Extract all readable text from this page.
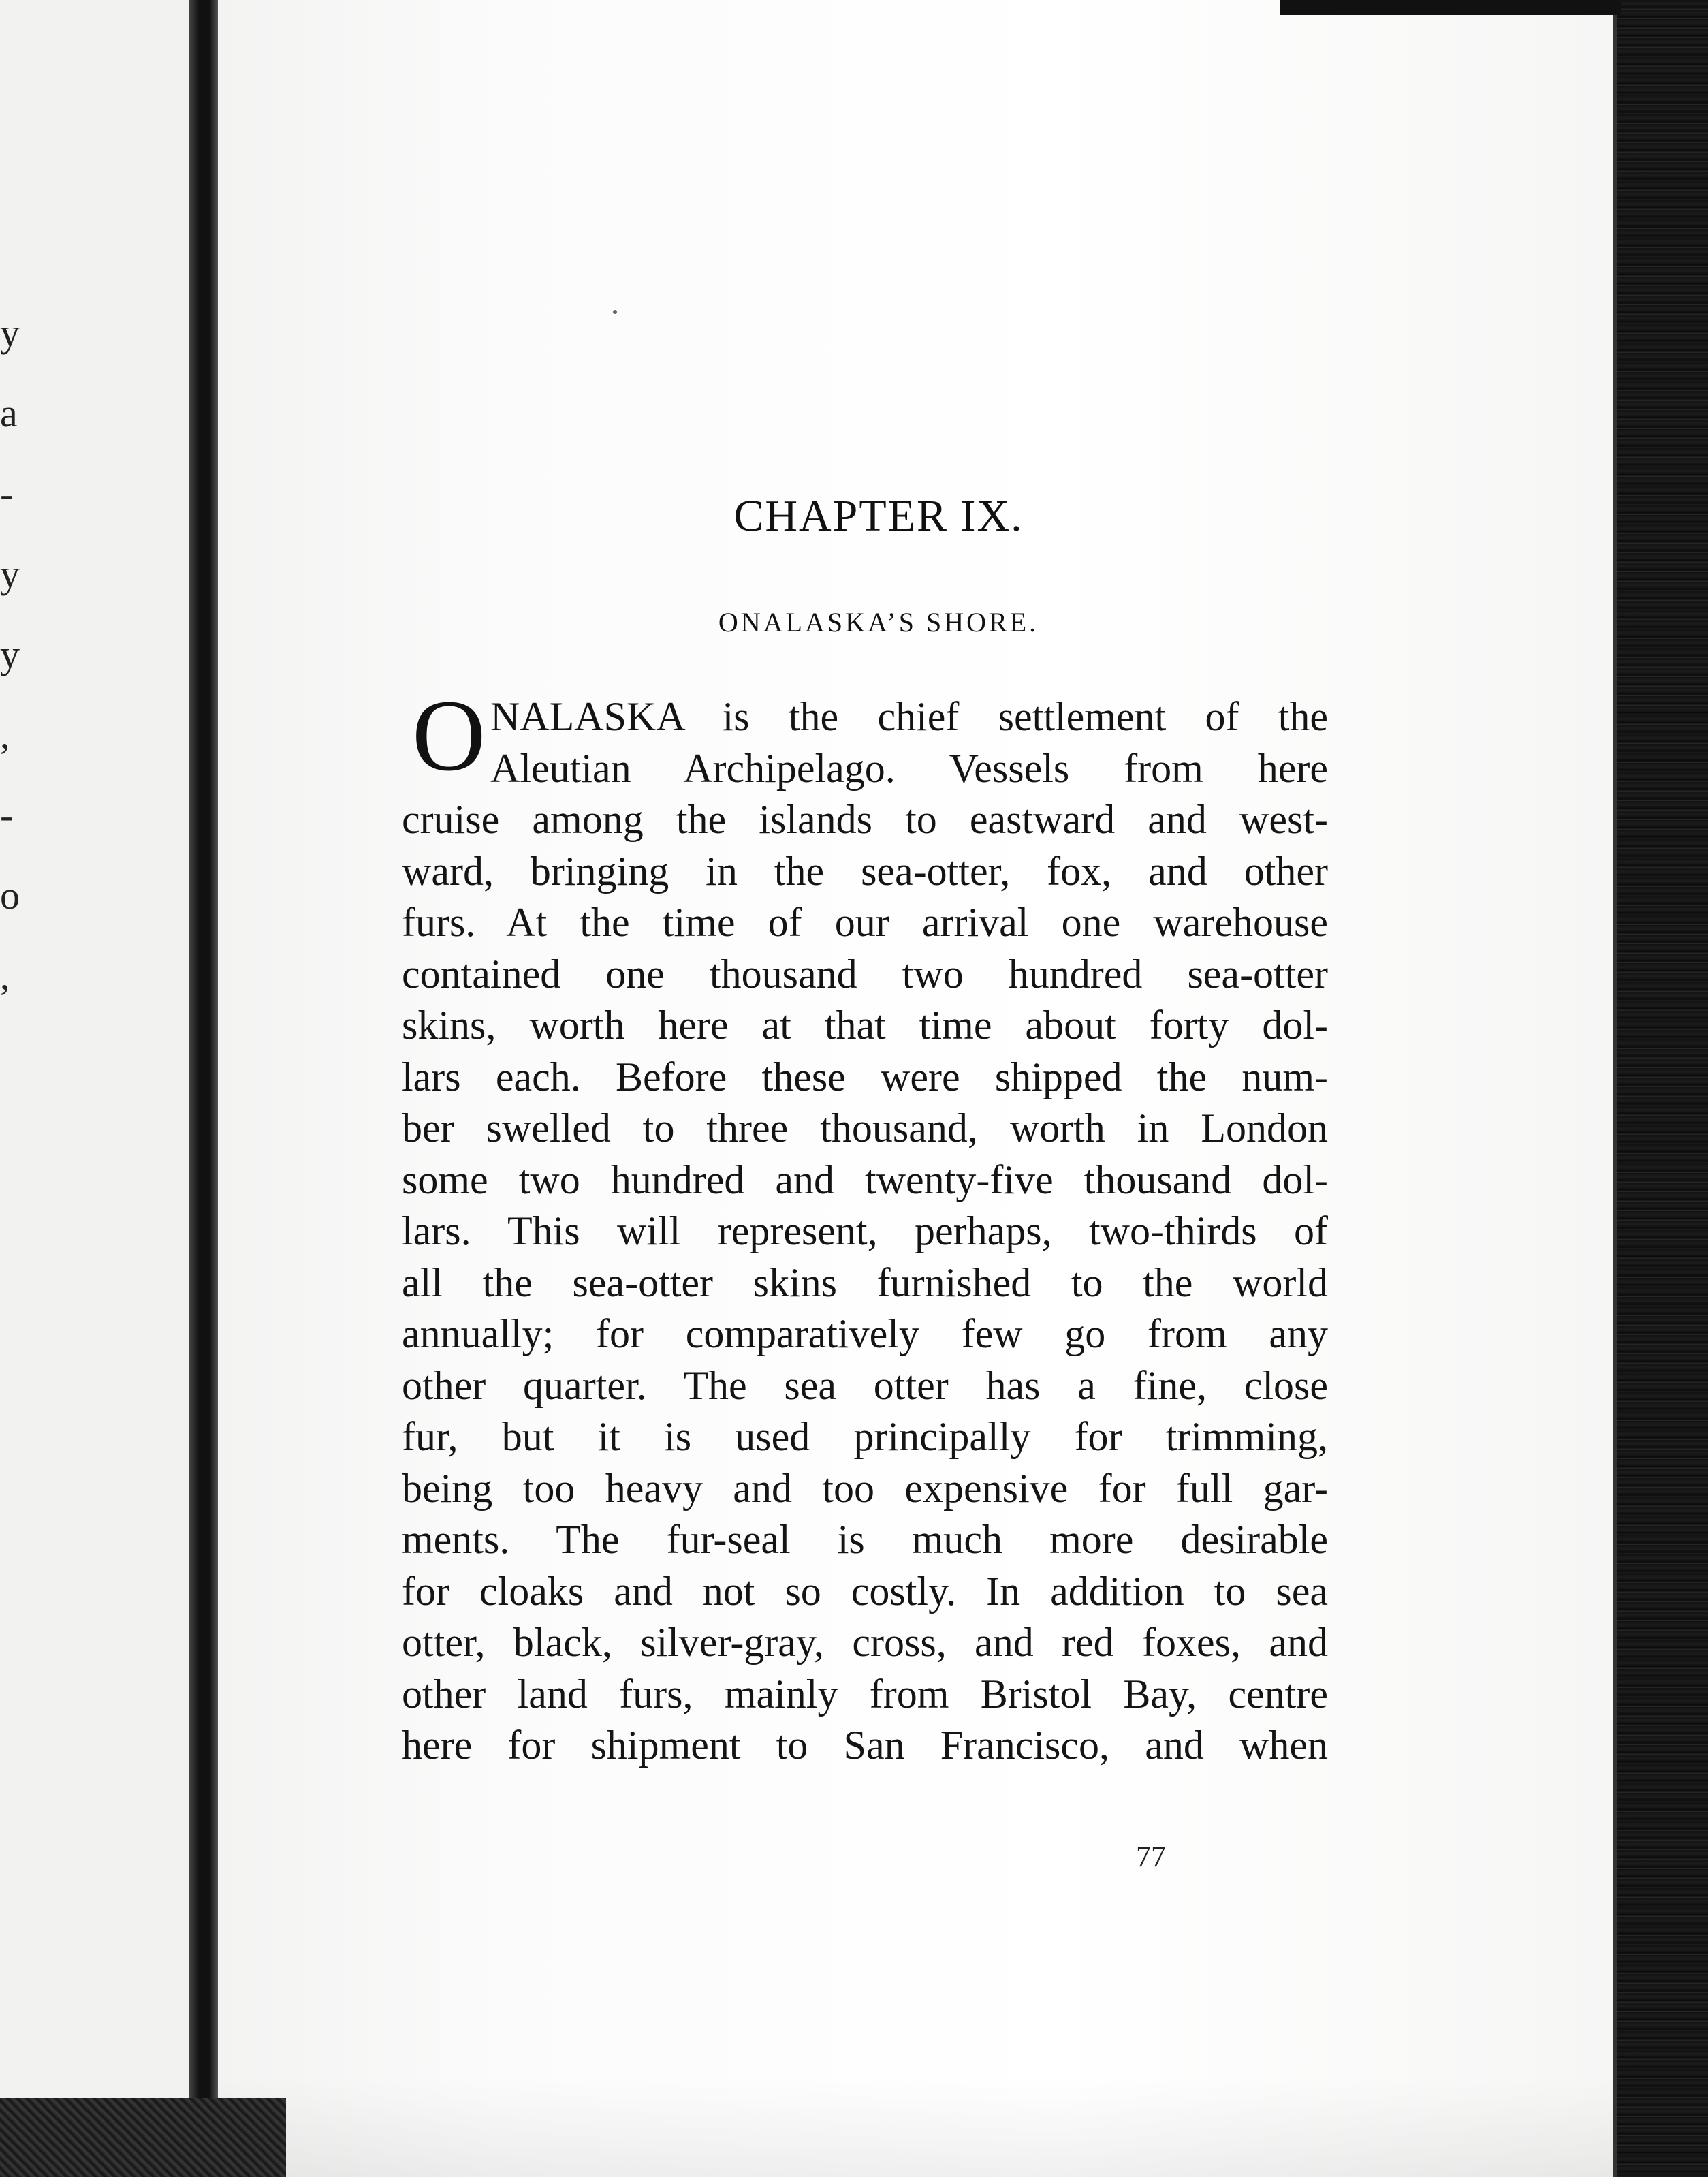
y
a
-
y
y
,
-
o
,
CHAPTER IX.
ONALASKA’S SHORE.
O NALASKA is the chief settlement of the
Aleutian Archipelago. Vessels from here
cruise among the islands to eastward and west-
ward, bringing in the sea-otter, fox, and other
furs. At the time of our arrival one warehouse
contained one thousand two hundred sea-otter
skins, worth here at that time about forty dol-
lars each. Before these were shipped the num-
ber swelled to three thousand, worth in London
some two hundred and twenty-five thousand dol-
lars. This will represent, perhaps, two-thirds of
all the sea-otter skins furnished to the world
annually; for comparatively few go from any
other quarter. The sea otter has a fine, close
fur, but it is used principally for trimming,
being too heavy and too expensive for full gar-
ments. The fur-seal is much more desirable
for cloaks and not so costly. In addition to sea
otter, black, silver-gray, cross, and red foxes, and
other land furs, mainly from Bristol Bay, centre
here for shipment to San Francisco, and when
77
